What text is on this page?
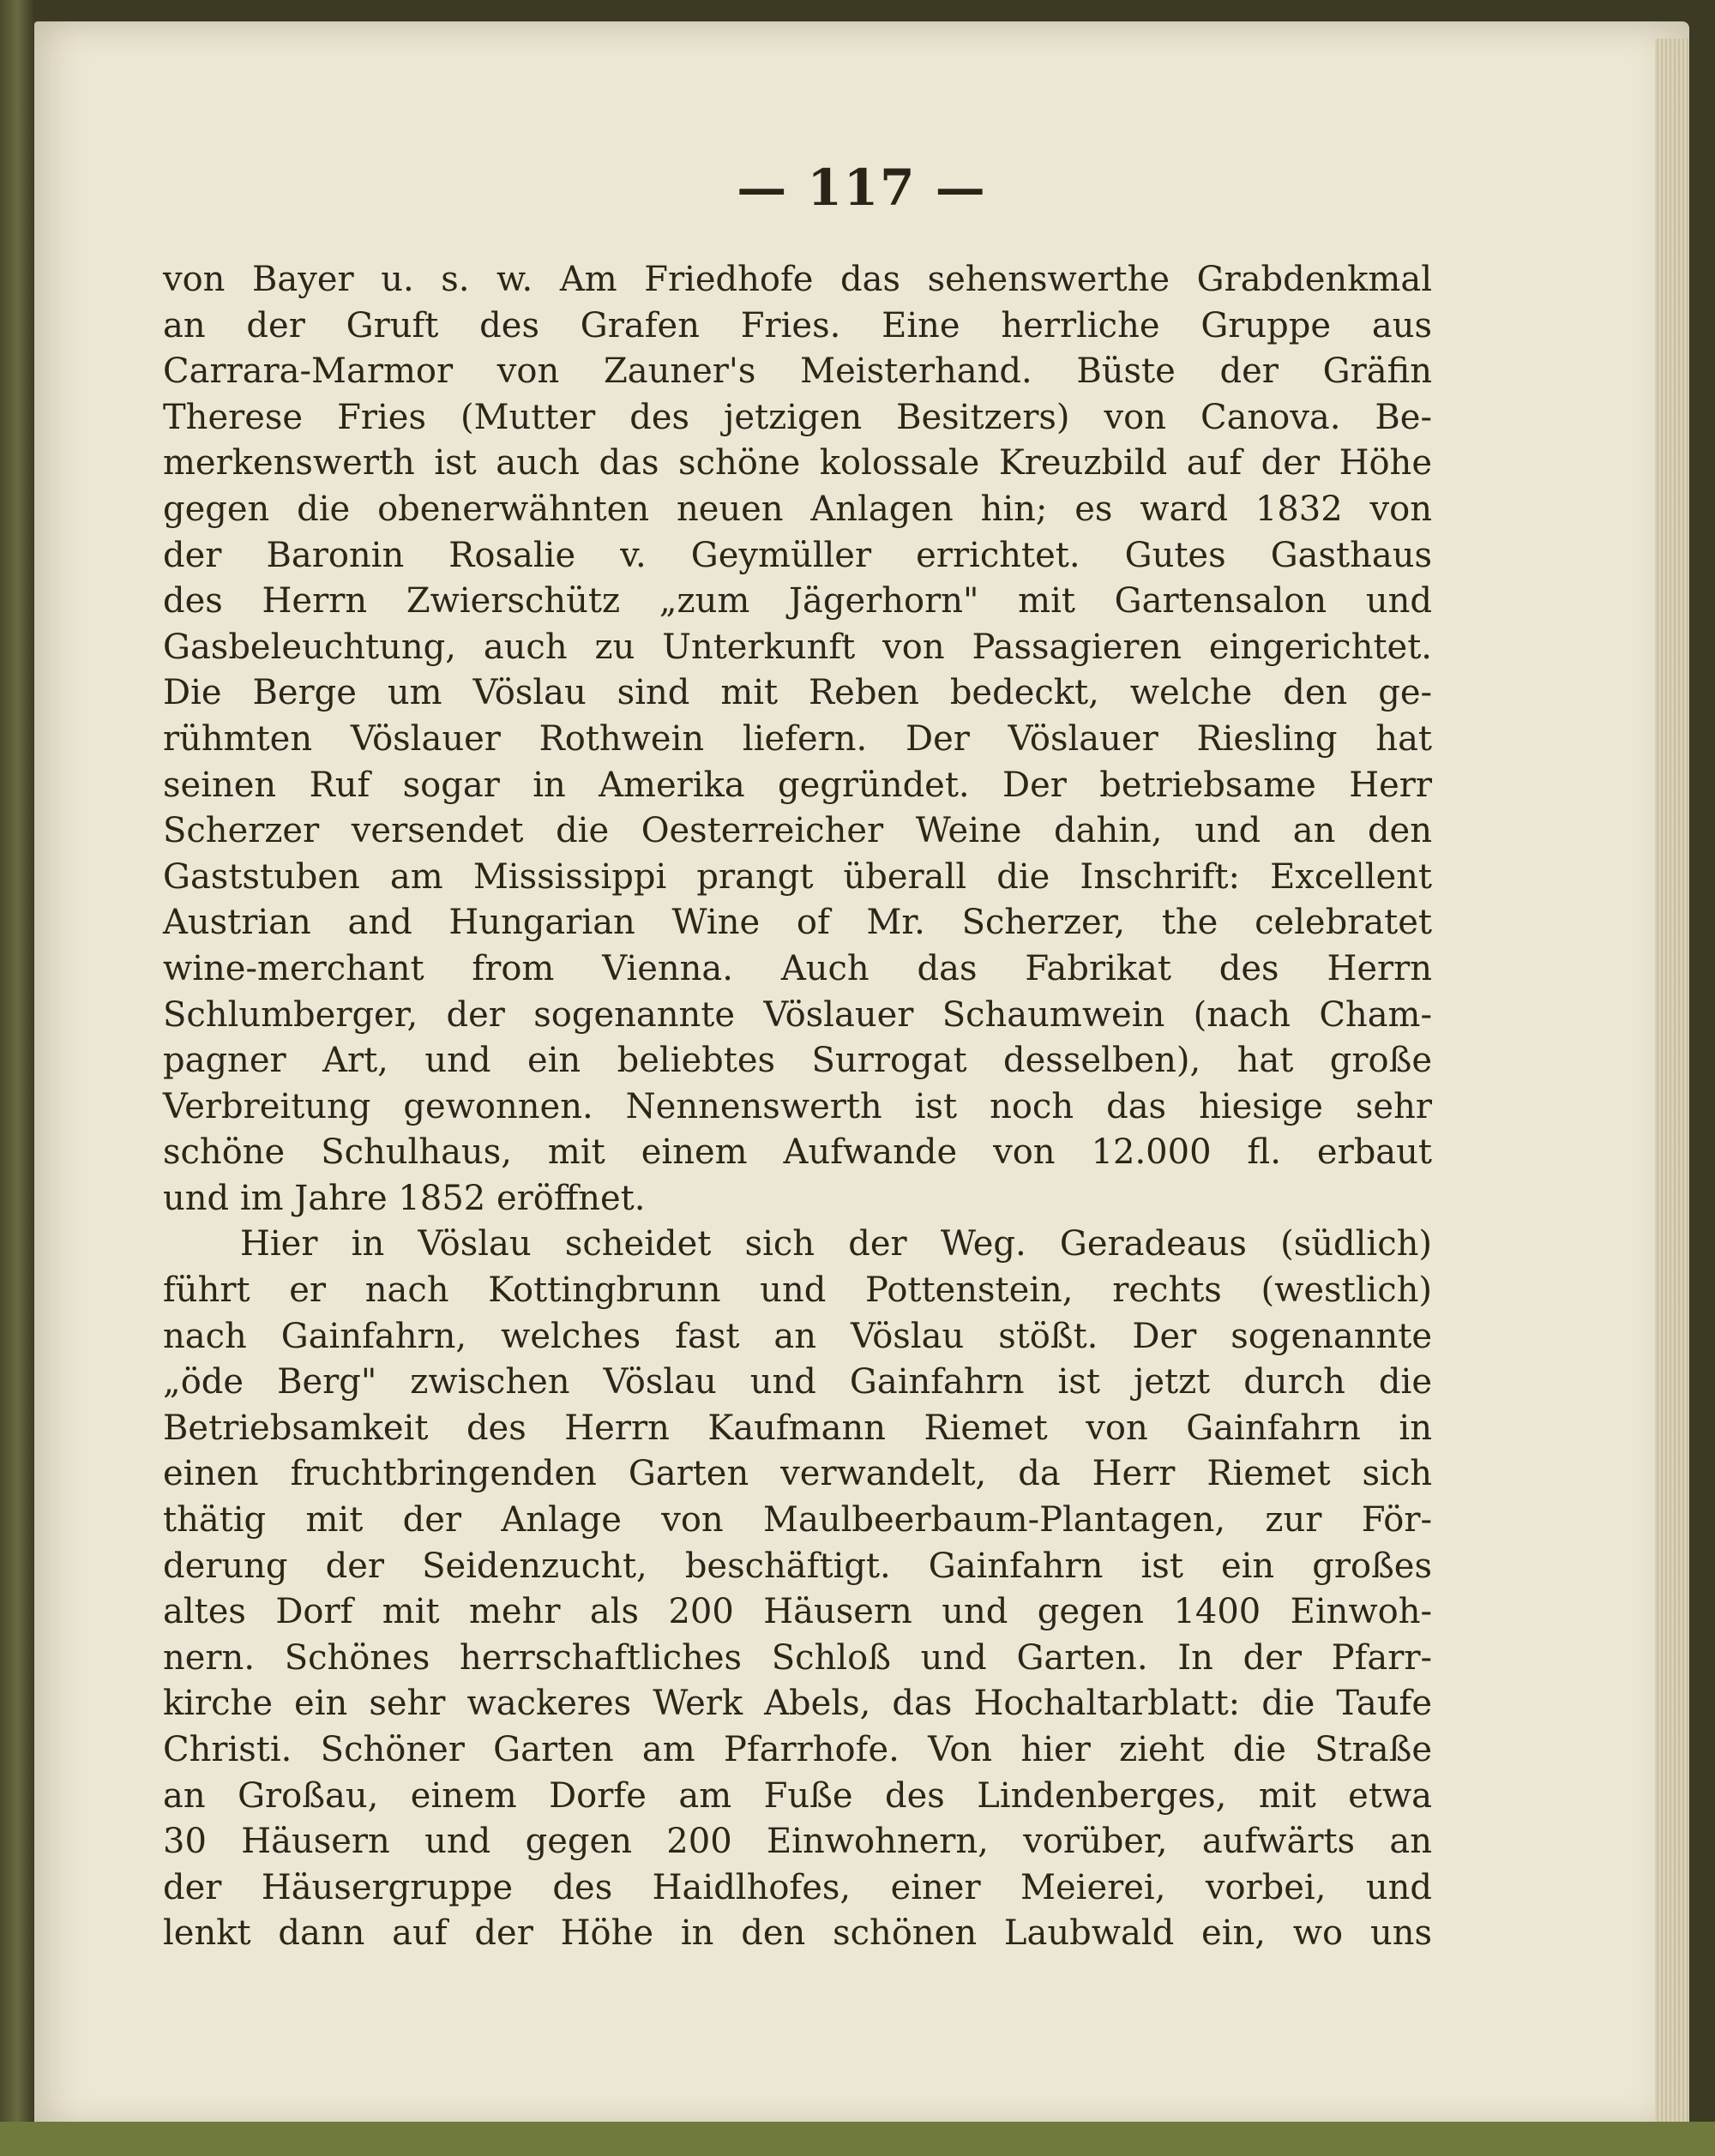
— 117 —
von Bayer u. s. w. Am Friedhofe das sehenswerthe Grabdenkmal
an der Gruft des Grafen Fries. Eine herrliche Gruppe aus
Carrara-Marmor von Zauner's Meisterhand. Büste der Gräfin
Therese Fries (Mutter des jetzigen Besitzers) von Canova. Be-
merkenswerth ist auch das schöne kolossale Kreuzbild auf der Höhe
gegen die obenerwähnten neuen Anlagen hin; es ward 1832 von
der Baronin Rosalie v. Geymüller errichtet. Gutes Gasthaus
des Herrn Zwierschütz „zum Jägerhorn" mit Gartensalon und
Gasbeleuchtung, auch zu Unterkunft von Passagieren eingerichtet.
Die Berge um Vöslau sind mit Reben bedeckt, welche den ge-
rühmten Vöslauer Rothwein liefern. Der Vöslauer Riesling hat
seinen Ruf sogar in Amerika gegründet. Der betriebsame Herr
Scherzer versendet die Oesterreicher Weine dahin, und an den
Gaststuben am Mississippi prangt überall die Inschrift: Excellent
Austrian and Hungarian Wine of Mr. Scherzer, the celebratet
wine-merchant from Vienna. Auch das Fabrikat des Herrn
Schlumberger, der sogenannte Vöslauer Schaumwein (nach Cham-
pagner Art, und ein beliebtes Surrogat desselben), hat große
Verbreitung gewonnen. Nennenswerth ist noch das hiesige sehr
schöne Schulhaus, mit einem Aufwande von 12.000 fl. erbaut
und im Jahre 1852 eröffnet.
Hier in Vöslau scheidet sich der Weg. Geradeaus (südlich)
führt er nach Kottingbrunn und Pottenstein, rechts (westlich)
nach Gainfahrn, welches fast an Vöslau stößt. Der sogenannte
„öde Berg" zwischen Vöslau und Gainfahrn ist jetzt durch die
Betriebsamkeit des Herrn Kaufmann Riemet von Gainfahrn in
einen fruchtbringenden Garten verwandelt, da Herr Riemet sich
thätig mit der Anlage von Maulbeerbaum-Plantagen, zur För-
derung der Seidenzucht, beschäftigt. Gainfahrn ist ein großes
altes Dorf mit mehr als 200 Häusern und gegen 1400 Einwoh-
nern. Schönes herrschaftliches Schloß und Garten. In der Pfarr-
kirche ein sehr wackeres Werk Abels, das Hochaltarblatt: die Taufe
Christi. Schöner Garten am Pfarrhofe. Von hier zieht die Straße
an Großau, einem Dorfe am Fuße des Lindenberges, mit etwa
30 Häusern und gegen 200 Einwohnern, vorüber, aufwärts an
der Häusergruppe des Haidlhofes, einer Meierei, vorbei, und
lenkt dann auf der Höhe in den schönen Laubwald ein, wo uns
